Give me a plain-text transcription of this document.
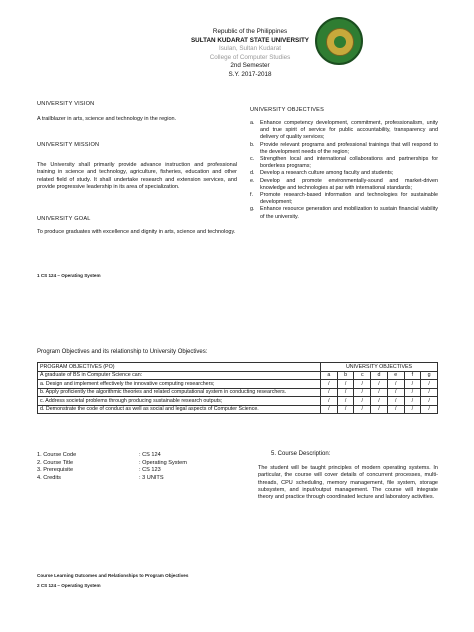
Republic of the Philippines
SULTAN KUDARAT STATE UNIVERSITY
Isulan, Sultan Kudarat
College of Computer Studies
2nd Semester
S.Y. 2017-2018
UNIVERSITY VISION
A trailblazer in arts, science and technology in the region.
UNIVERSITY MISSION
The University shall primarily provide advance instruction and professional training in science and technology, agriculture, fisheries, education and other related field of study. It shall undertake research and extension services, and provide progressive leadership in its area of specialization.
UNIVERSITY GOAL
To produce graduates with excellence and dignity in arts, science and technology.
UNIVERSITY OBJECTIVES
a. Enhance competency development, commitment, professionalism, unity and true spirit of service for public accountability, transparency and delivery of quality services;
b. Provide relevant programs and professional trainings that will respond to the development needs of the region;
c. Strengthen local and international collaborations and partnerships for borderless programs;
d. Develop a research culture among faculty and students;
e. Develop and promote environmentally-sound and market-driven knowledge and technologies at par with international standards;
f. Promote research-based information and technologies for sustainable development;
g. Enhance resource generation and mobilization to sustain financial viability of the university.
1 CS 124 – Operating System
Program Objectives and its relationship to University Objectives:
PROGRAM OBJECTIVES (PO)	UNIVERSITY OBJECTIVES						
A graduate of BS in Computer Science can:							
	a	b	c	d	e	f	g
a. Design and implement effectively the innovative computing researchers;	/	/	/	/	/	/	/
b. Apply proficiently the algorithmic theories and related computational system in conducting researchers.	/	/	/	/	/	/	/
c. Address societal problems through producing sustainable research outputs;	/	/	/	/	/	/	/
d. Demonstrate the code of conduct as well as social and legal aspects of Computer Science.	/	/	/	/	/	/	/
1. Course Code	: CS 124
2. Course Title	: Operating System
3. Prerequisite	: CS 123
4. Credits	: 3 UNITS
5. Course Description:
The student will be taught principles of modern operating systems. In particular, the course will cover details of concurrent processes, multi-threads, CPU scheduling, memory management, file system, storage subsystem, and input/output management. The course will integrate theory and practice through coordinated lecture and laboratory activities.
Course Learning Outcomes and Relationships to Program Objectives
2 CS 124 – Operating System
